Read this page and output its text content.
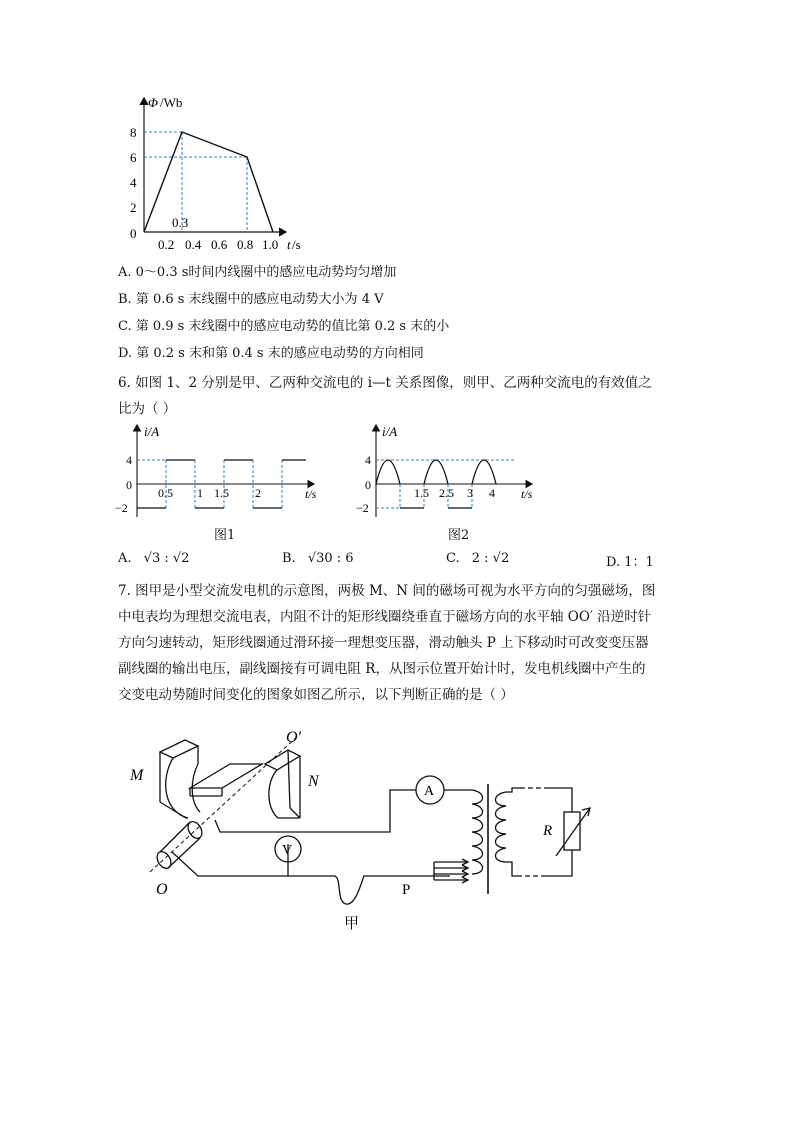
Φ /Wb
8
6
4
2
0
0.3
0.2 0.4 0.6 0.8 1.0 t /s
A. 0～0.3 s时间内线圈中的感应电动势均匀增加
B. 第 0.6 s 末线圈中的感应电动势大小为 4 V
C. 第 0.9 s 末线圈中的感应电动势的值比第 0.2 s 末的小
D. 第 0.2 s 末和第 0.4 s 末的感应电动势的方向相同
6. 如图 1、2 分别是甲、乙两种交流电的 i—t 关系图像，则甲、乙两种交流电的有效值之
比为（ ）
i/A
4
0
−2
0.5 1 1.5 2	t/s
图1
i/A
4
0
−2
1.5 2.5 3 4 t/s
图2
A. √3 : √2	B. √30 : 6	C. 2 : √2	D. 1：1
7. 图甲是小型交流发电机的示意图，两极 M、N 间的磁场可视为水平方向的匀强磁场，图
中电表均为理想交流电表，内阻不计的矩形线圈绕垂直于磁场方向的水平轴 OO′ 沿逆时针
方向匀速转动，矩形线圈通过滑环接一理想变压器，滑动触头 P 上下移动时可改变变压器
副线圈的输出电压，副线圈接有可调电阻 R，从图示位置开始计时，发电机线圈中产生的
交变电动势随时间变化的图象如图乙所示，以下判断正确的是（ ）
M	N
O
O′
A
V
R
P
甲
